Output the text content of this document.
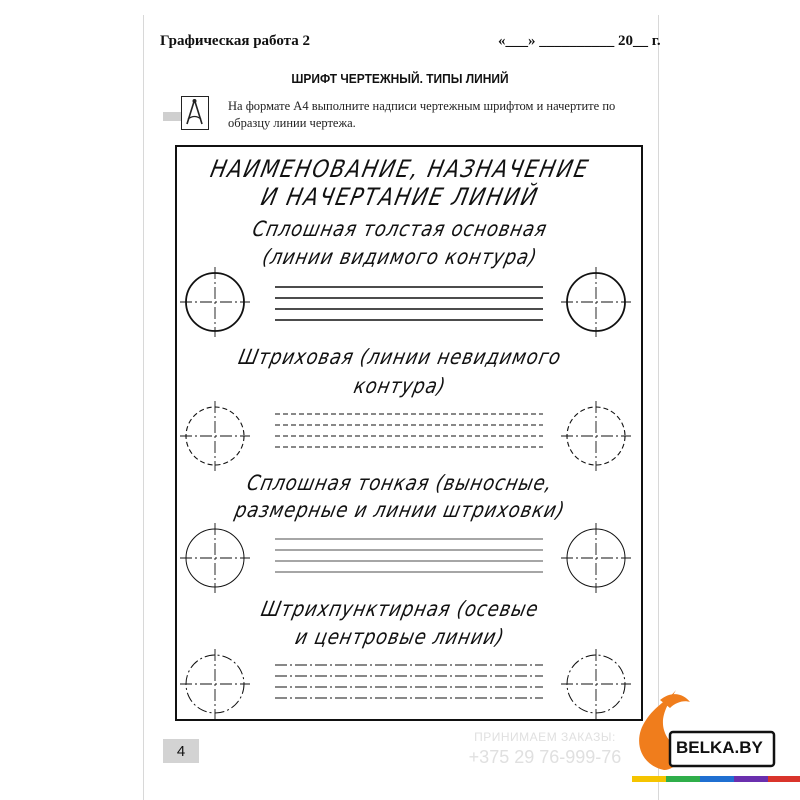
Графическая работа 2	«___» __________ 20__ г.
ШРИФТ ЧЕРТЕЖНЫЙ. ТИПЫ ЛИНИЙ
На формате А4 выполните надписи чертежным шрифтом и начертите по образцу линии чертежа.
НАИМЕНОВАНИЕ, НАЗНАЧЕНИЕ
И НАЧЕРТАНИЕ ЛИНИЙ
Сплошная толстая основная
(линии видимого контура)
Штриховая (линии невидимого
контура)
Сплошная тонкая (выносные,
размерные и линии штриховки)
Штрихпунктирная (осевые
и центровые линии)
4
ПРИНИМАЕМ ЗАКАЗЫ:
+375 29 76-999-76	BELKA.BY
